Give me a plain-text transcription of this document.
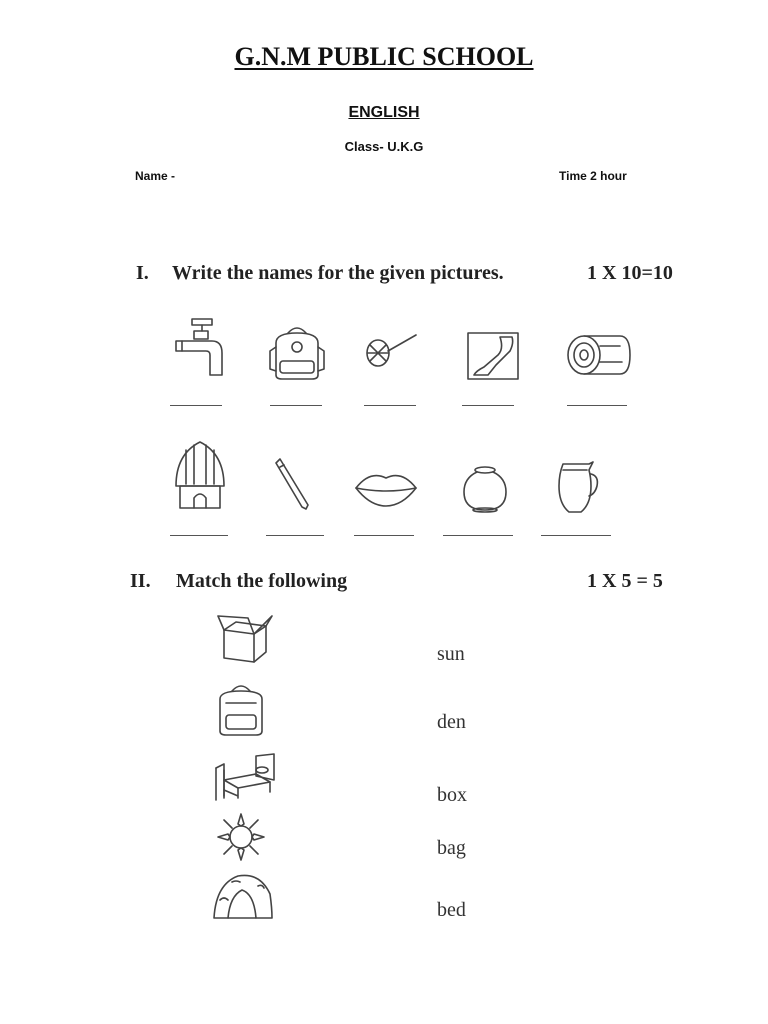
G.N.M PUBLIC SCHOOL
ENGLISH
Class- U.K.G
Name -	Time 2 hour
I. Write the names for the given pictures.	1 X 10=10
II. Match the following	1 X 5 = 5
sun
den
box
bag
bed
